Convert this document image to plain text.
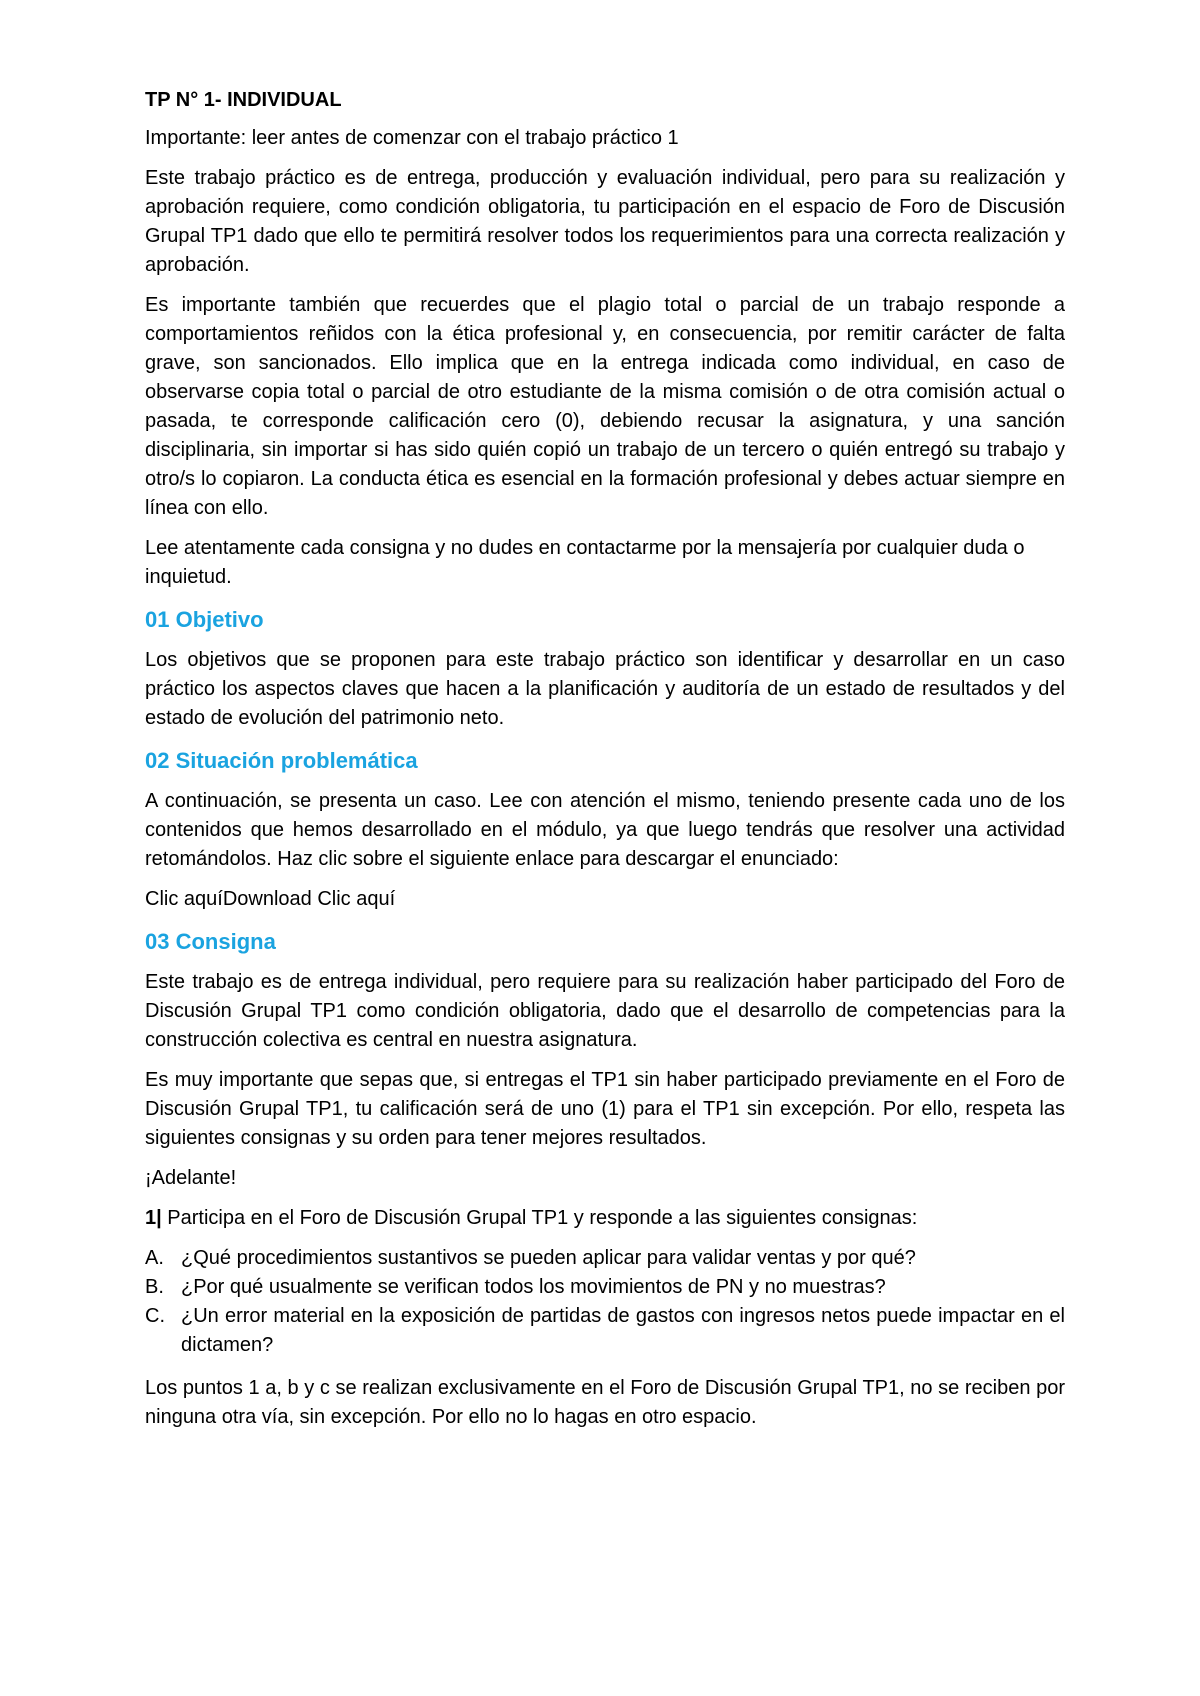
TP N° 1- INDIVIDUAL

Importante: leer antes de comenzar con el trabajo práctico 1

Este trabajo práctico es de entrega, producción y evaluación individual, pero para su realización y aprobación requiere, como condición obligatoria, tu participación en el espacio de Foro de Discusión Grupal TP1 dado que ello te permitirá resolver todos los requerimientos para una correcta realización y aprobación.

Es importante también que recuerdes que el plagio total o parcial de un trabajo responde a comportamientos reñidos con la ética profesional y, en consecuencia, por remitir carácter de falta grave, son sancionados. Ello implica que en la entrega indicada como individual, en caso de observarse copia total o parcial de otro estudiante de la misma comisión o de otra comisión actual o pasada, te corresponde calificación cero (0), debiendo recusar la asignatura, y una sanción disciplinaria, sin importar si has sido quién copió un trabajo de un tercero o quién entregó su trabajo y otro/s lo copiaron. La conducta ética es esencial en la formación profesional y debes actuar siempre en línea con ello.

Lee atentamente cada consigna y no dudes en contactarme por la mensajería por cualquier duda o inquietud.

01 Objetivo

Los objetivos que se proponen para este trabajo práctico son identificar y desarrollar en un caso práctico los aspectos claves que hacen a la planificación y auditoría de un estado de resultados y del estado de evolución del patrimonio neto.

02 Situación problemática

A continuación, se presenta un caso. Lee con atención el mismo, teniendo presente cada uno de los contenidos que hemos desarrollado en el módulo, ya que luego tendrás que resolver una actividad retomándolos. Haz clic sobre el siguiente enlace para descargar el enunciado:

Clic aquíDownload Clic aquí

03 Consigna

Este trabajo es de entrega individual, pero requiere para su realización haber participado del Foro de Discusión Grupal TP1 como condición obligatoria, dado que el desarrollo de competencias para la construcción colectiva es central en nuestra asignatura.

Es muy importante que sepas que, si entregas el TP1 sin haber participado previamente en el Foro de Discusión Grupal TP1, tu calificación será de uno (1) para el TP1 sin excepción. Por ello, respeta las siguientes consignas y su orden para tener mejores resultados.

¡Adelante!

1| Participa en el Foro de Discusión Grupal TP1 y responde a las siguientes consignas:

A. ¿Qué procedimientos sustantivos se pueden aplicar para validar ventas y por qué?
B. ¿Por qué usualmente se verifican todos los movimientos de PN y no muestras?
C. ¿Un error material en la exposición de partidas de gastos con ingresos netos puede impactar en el dictamen?

Los puntos 1 a, b y c se realizan exclusivamente en el Foro de Discusión Grupal TP1, no se reciben por ninguna otra vía, sin excepción. Por ello no lo hagas en otro espacio.
